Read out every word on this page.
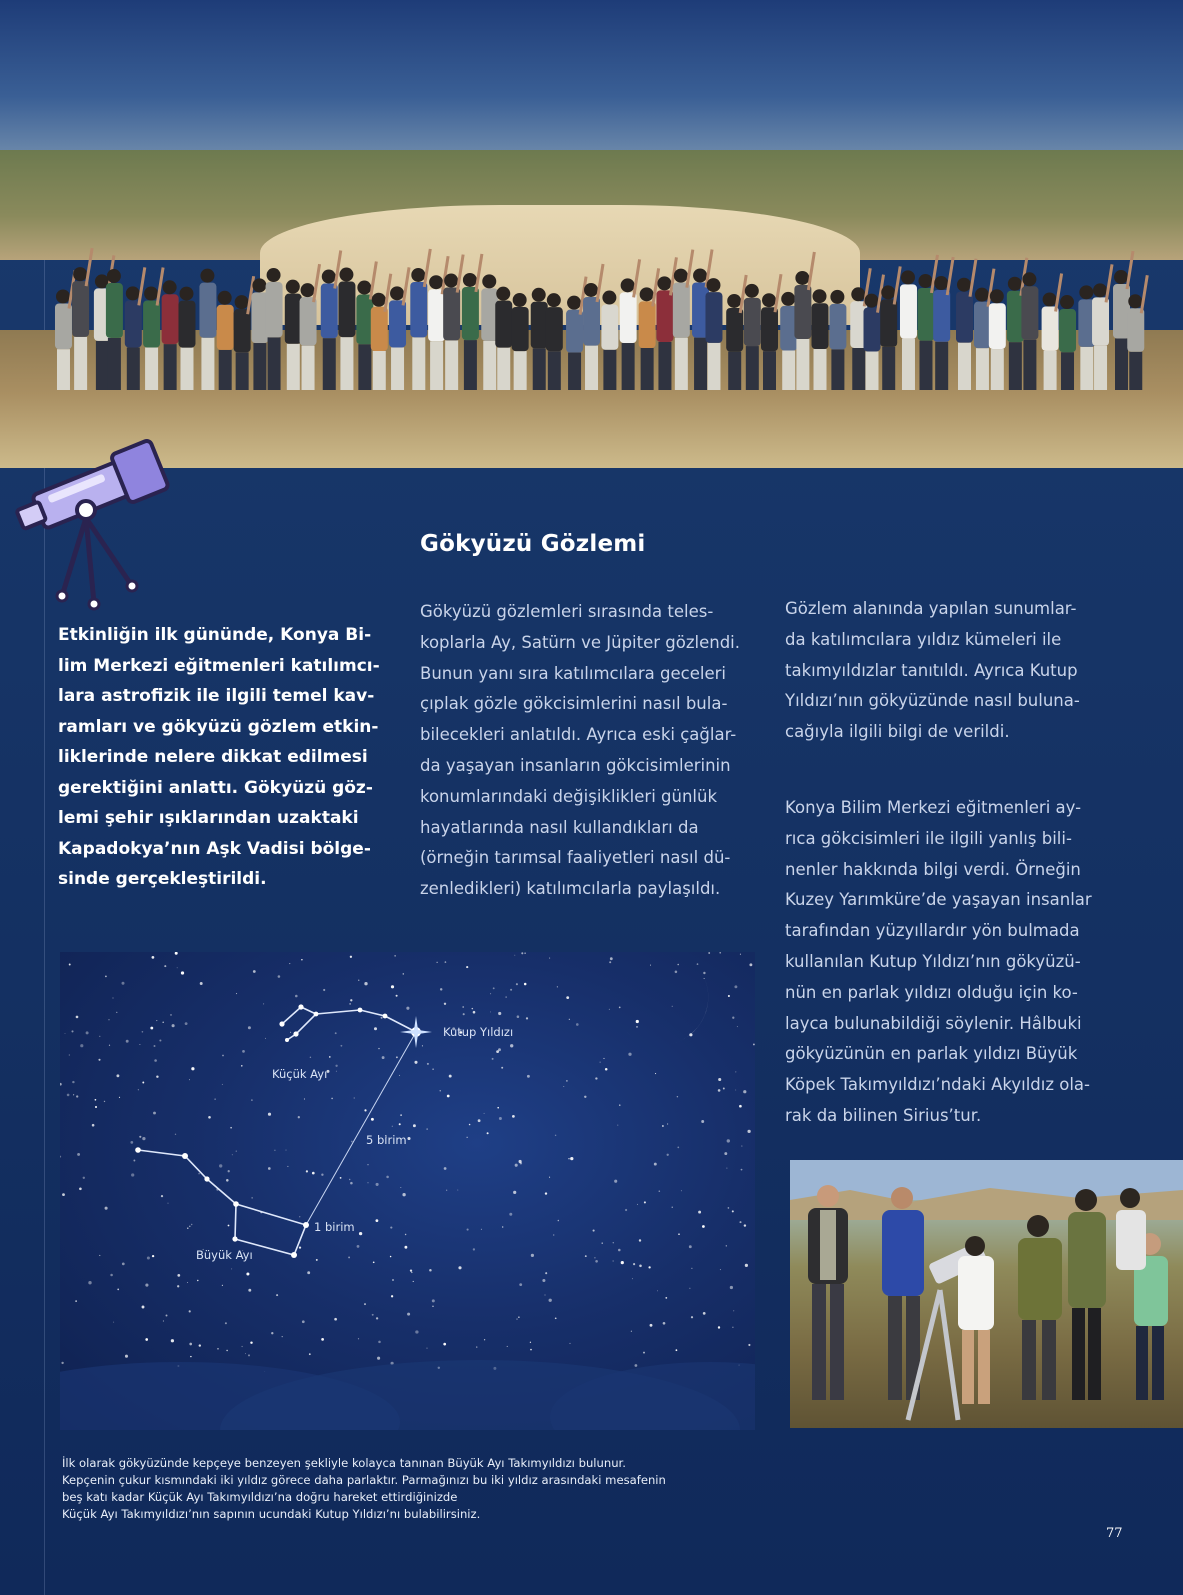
Gökyüzü Gözlemi

Etkinliğin ilk gününde, Konya Bi-
lim Merkezi eğitmenleri katılımcı-
lara astrofizik ile ilgili temel kav-
ramları ve gökyüzü gözlem etkin-
liklerinde nelere dikkat edilmesi
gerektiğini anlattı. Gökyüzü göz-
lemi şehir ışıklarından uzaktaki
Kapadokya’nın Aşk Vadisi bölge-
sinde gerçekleştirildi.

Gökyüzü gözlemleri sırasında teles-
koplarla Ay, Satürn ve Jüpiter gözlendi.
Bunun yanı sıra katılımcılara geceleri
çıplak gözle gökcisimlerini nasıl bula-
bilecekleri anlatıldı. Ayrıca eski çağlar-
da yaşayan insanların gökcisimlerinin
konumlarındaki değişiklikleri günlük
hayatlarında nasıl kullandıkları da
(örneğin tarımsal faaliyetleri nasıl dü-
zenledikleri) katılımcılarla paylaşıldı.

Gözlem alanında yapılan sunumlar-
da katılımcılara yıldız kümeleri ile
takımyıldızlar tanıtıldı. Ayrıca Kutup
Yıldızı’nın gökyüzünde nasıl buluna-
cağıyla ilgili bilgi de verildi.

Konya Bilim Merkezi eğitmenleri ay-
rıca gökcisimleri ile ilgili yanlış bili-
nenler hakkında bilgi verdi. Örneğin
Kuzey Yarımküre’de yaşayan insanlar
tarafından yüzyıllardır yön bulmada
kullanılan Kutup Yıldızı’nın gökyüzü-
nün en parlak yıldızı olduğu için ko-
layca bulunabildiği söylenir. Hâlbuki
gökyüzünün en parlak yıldızı Büyük
Köpek Takımyıldızı’ndaki Akyıldız ola-
rak da bilinen Sirius’tur.

Kutup Yıldızı
Küçük Ayı
5 birim
1 birim
Büyük Ayı

İlk olarak gökyüzünde kepçeye benzeyen şekliyle kolayca tanınan Büyük Ayı Takımyıldızı bulunur.
Kepçenin çukur kısmındaki iki yıldız görece daha parlaktır. Parmağınızı bu iki yıldız arasındaki mesafenin
beş katı kadar Küçük Ayı Takımyıldızı’na doğru hareket ettirdiğinizde
Küçük Ayı Takımyıldızı’nın sapının ucundaki Kutup Yıldızı’nı bulabilirsiniz.

77
